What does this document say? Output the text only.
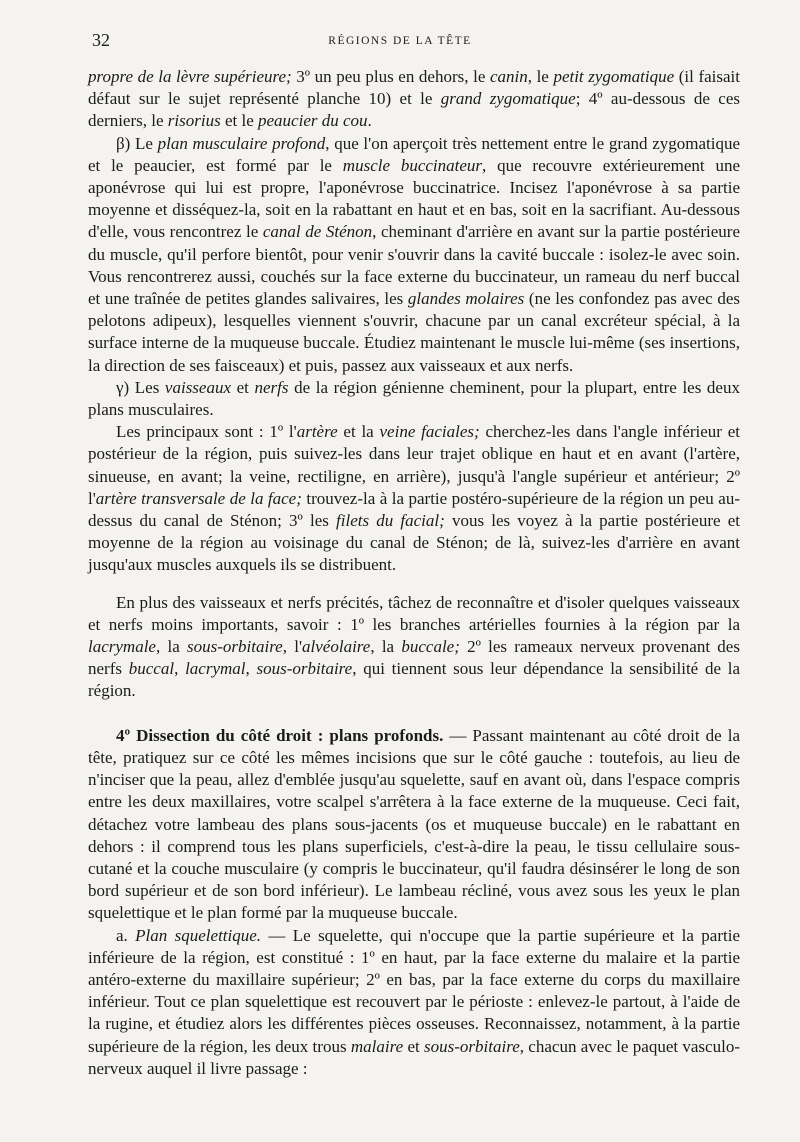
32	RÉGIONS DE LA TÊTE

propre de la lèvre supérieure; 3º un peu plus en dehors, le canin, le petit zygomatique (il faisait défaut sur le sujet représenté planche 10) et le grand zygomatique; 4º au-dessous de ces derniers, le risorius et le peaucier du cou.

β) Le plan musculaire profond, que l'on aperçoit très nettement entre le grand zygomatique et le peaucier, est formé par le muscle buccinateur, que recouvre extérieurement une aponévrose qui lui est propre, l'aponévrose buccinatrice. Incisez l'aponévrose à sa partie moyenne et disséquez-la, soit en la rabattant en haut et en bas, soit en la sacrifiant. Au-dessous d'elle, vous rencontrez le canal de Sténon, cheminant d'arrière en avant sur la partie postérieure du muscle, qu'il perfore bientôt, pour venir s'ouvrir dans la cavité buccale : isolez-le avec soin. Vous rencontrerez aussi, couchés sur la face externe du buccinateur, un rameau du nerf buccal et une traînée de petites glandes salivaires, les glandes molaires (ne les confondez pas avec des pelotons adipeux), lesquelles viennent s'ouvrir, chacune par un canal excréteur spécial, à la surface interne de la muqueuse buccale. Étudiez maintenant le muscle lui-même (ses insertions, la direction de ses faisceaux) et puis, passez aux vaisseaux et aux nerfs.

γ) Les vaisseaux et nerfs de la région génienne cheminent, pour la plupart, entre les deux plans musculaires.

Les principaux sont : 1º l'artère et la veine faciales; cherchez-les dans l'angle inférieur et postérieur de la région, puis suivez-les dans leur trajet oblique en haut et en avant (l'artère, sinueuse, en avant; la veine, rectiligne, en arrière), jusqu'à l'angle supérieur et antérieur; 2º l'artère transversale de la face; trouvez-la à la partie postéro-supérieure de la région un peu au-dessus du canal de Sténon; 3º les filets du facial; vous les voyez à la partie postérieure et moyenne de la région au voisinage du canal de Sténon; de là, suivez-les d'arrière en avant jusqu'aux muscles auxquels ils se distribuent.

En plus des vaisseaux et nerfs précités, tâchez de reconnaître et d'isoler quelques vaisseaux et nerfs moins importants, savoir : 1º les branches artérielles fournies à la région par la lacrymale, la sous-orbitaire, l'alvéolaire, la buccale; 2º les rameaux nerveux provenant des nerfs buccal, lacrymal, sous-orbitaire, qui tiennent sous leur dépendance la sensibilité de la région.

4º Dissection du côté droit : plans profonds. — Passant maintenant au côté droit de la tête, pratiquez sur ce côté les mêmes incisions que sur le côté gauche : toutefois, au lieu de n'inciser que la peau, allez d'emblée jusqu'au squelette, sauf en avant où, dans l'espace compris entre les deux maxillaires, votre scalpel s'arrêtera à la face externe de la muqueuse. Ceci fait, détachez votre lambeau des plans sous-jacents (os et muqueuse buccale) en le rabattant en dehors : il comprend tous les plans superficiels, c'est-à-dire la peau, le tissu cellulaire sous-cutané et la couche musculaire (y compris le buccinateur, qu'il faudra désinsérer le long de son bord supérieur et de son bord inférieur). Le lambeau récliné, vous avez sous les yeux le plan squelettique et le plan formé par la muqueuse buccale.

a. Plan squelettique. — Le squelette, qui n'occupe que la partie supérieure et la partie inférieure de la région, est constitué : 1º en haut, par la face externe du malaire et la partie antéro-externe du maxillaire supérieur; 2º en bas, par la face externe du corps du maxillaire inférieur. Tout ce plan squelettique est recouvert par le périoste : enlevez-le partout, à l'aide de la rugine, et étudiez alors les différentes pièces osseuses. Reconnaissez, notamment, à la partie supérieure de la région, les deux trous malaire et sous-orbitaire, chacun avec le paquet vasculo-nerveux auquel il livre passage :
